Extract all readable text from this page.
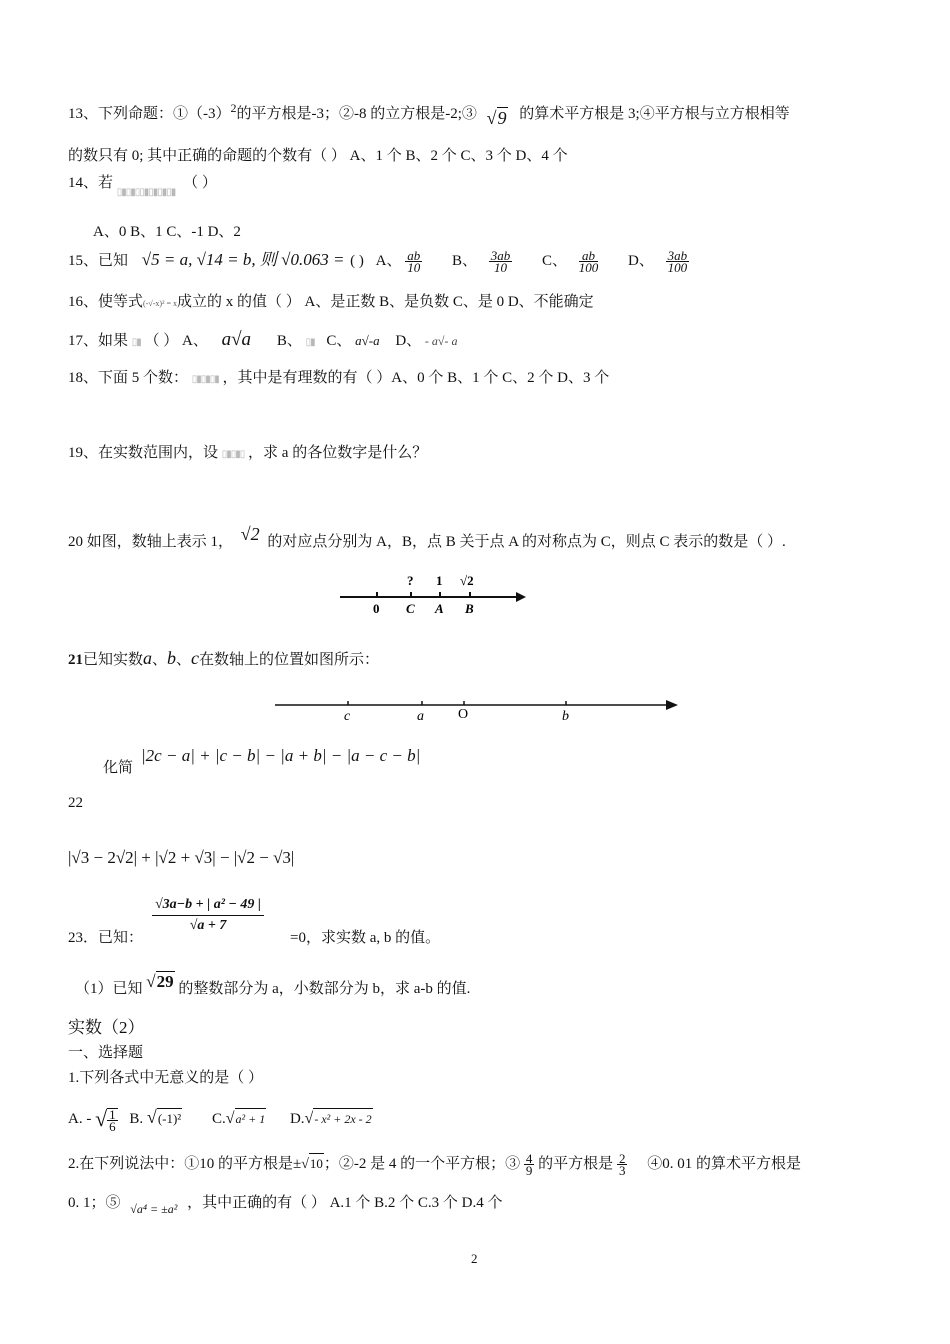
13、下列命题：$①(-3)^2$的平方根是-3；②-8 的立方根是-2;③ √9 的算术平方根是 3;④平方根与立方根相等
的数只有 0; 其中正确的命题的个数有（ ） A、1 个 B、2 个 C、3 个 D、4 个
14、若 $_{▯▮▯▮▯▯▮▯▮▯▮▯▮}$ （ ）
A、0 B、1 C、-1 D、2
15、已知 √5 = a, √14 = b, 则 √0.063 = ( ) A、 $\frac{ab}{10}$ B、 $\frac{3ab}{10}$ C、 $\frac{ab}{100}$ D、 $\frac{3ab}{100}$
16、使等式(-√-x)² = x成立的 x 的值（ ） A、是正数 B、是负数 C、是 0 D、不能确定
17、如果 ▯▮ （ ） A、 a√a B、 ▯▮ C、 a√-a D、 - a√- a
18、下面 5 个数： ▯▮▯▮▯▮ ，其中是有理数的有（ ）A、0 个 B、1 个 C、2 个 D、3 个
19、在实数范围内，设 ▯▮▯▮▯ ，求 a 的各位数字是什么？
20 如图，数轴上表示 1， √2 的对应点分别为 A，B，点 B 关于点 A 的对称点为 C，则点 C 表示的数是（ ）.
? 1 √2
0 C A B
21已知实数a、b、c在数轴上的位置如图所示：
c	a O	b
化简
|2c − a| + |c − b| − |a + b| − |a − c − b|
22
|√3 − 2√2| + |√2 + √3| − |√2 − √3|
23．已知：
√3a−b + | a² − 49 |
√a + 7
=0，求实数 a, b 的值。
（1）已知 √29 的整数部分为 a，小数部分为 b，求 a-b 的值.
实数（2）
一、选择题
1.下列各式中无意义的是（ ）
A. - √ $\frac{1}{6} B$. √(-1)² C.√a² + 1 D.√- x² + 2x - 2
2.在下列说法中：①10 的平方根是±√10；②-2 是 4 的一个平方根；③ $\frac{4}{9}$ 的平方根是 $\frac{2}{3}$ ④0. 01 的算术平方根是
0. 1；⑤ $_{√a^4 = \pm a^2}$ ，其中正确的有（ ） A.1 个 B.2 个 C.3 个 D.4 个
2
